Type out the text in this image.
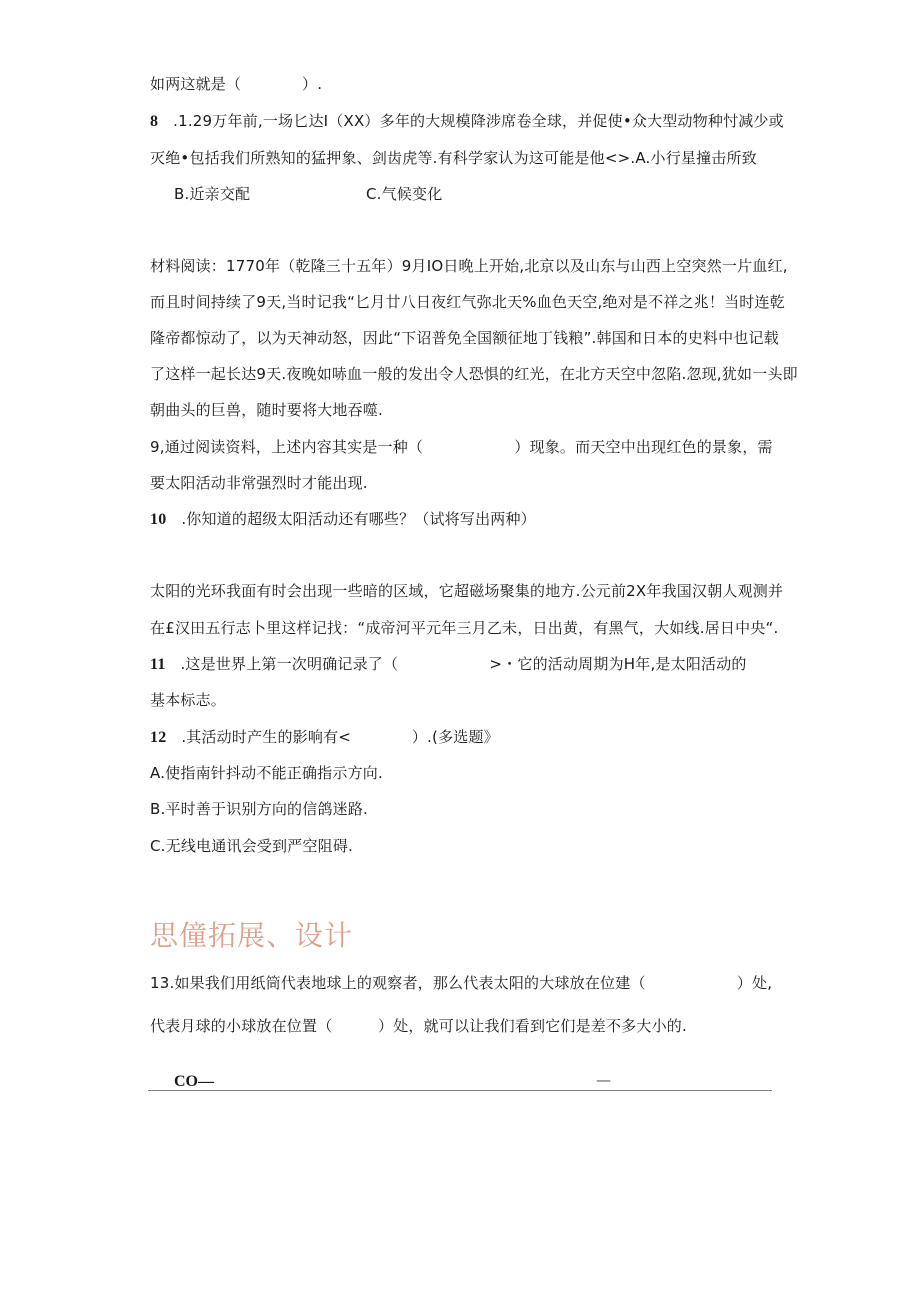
如两这就是（　　　　）.
8 .1.29万年前,一场匕达I（XX）多年的大规模降涉席卷全球，并促使•众大型动物种忖减少或
灭绝•包括我们所熟知的猛押象、剑齿虎等.有科学家认为这可能是他<>.A.小行星撞击所致
B.近亲交配	C.气候变化
材料阅读：1770年（乾隆三十五年）9月IO日晚上开始,北京以及山东与山西上空突然一片血红,
而且时间持续了9天,当时记我“匕月廿八日夜红气弥北天%血色天空,绝对是不祥之兆！当时连乾
隆帝都惊动了，以为天神动怒，因此“下诏普免全国额征地丁钱粮”.韩国和日本的史料中也记载
了这样一起长达9天.夜晚如哧血一般的发出令人恐惧的红光，在北方天空中忽陷.忽现,犹如一头即
朝曲头的巨兽，随时要将大地吞噬.
9,通过阅读资料，上述内容其实是一种（　　　　　　）现象。而天空中出现红色的景象，需
要太阳活动非常强烈时才能出现.
10 .你知道的超级太阳活动还有哪些？（试将写出两种）
太阳的光环我面有时会出现一些暗的区域，它超磁场聚集的地方.公元前2X年我国汉朝人观测并
在£汉田五行志卜里这样记找：“成帝河平元年三月乙未，日出黄，有黑气，大如线.居日中央“.
11 .这是世界上第一次明确记录了（　　　　　　>・它的活动周期为H年,是太阳活动的
基本标志。
12 .其活动时产生的影响有<　　　　）.(多选题》
A.使指南针抖动不能正确指示方向.
B.平时善于识别方向的信鸽迷路.
C.无线电通讯会受到严空阻碍.
思僮拓展、设计
13.如果我们用纸筒代表地球上的观察者，那么代表太阳的大球放在位建（　　　　　　）处,
代表月球的小球放在位置（　　　）处，就可以让我们看到它们是差不多大小的.
CO—	—
